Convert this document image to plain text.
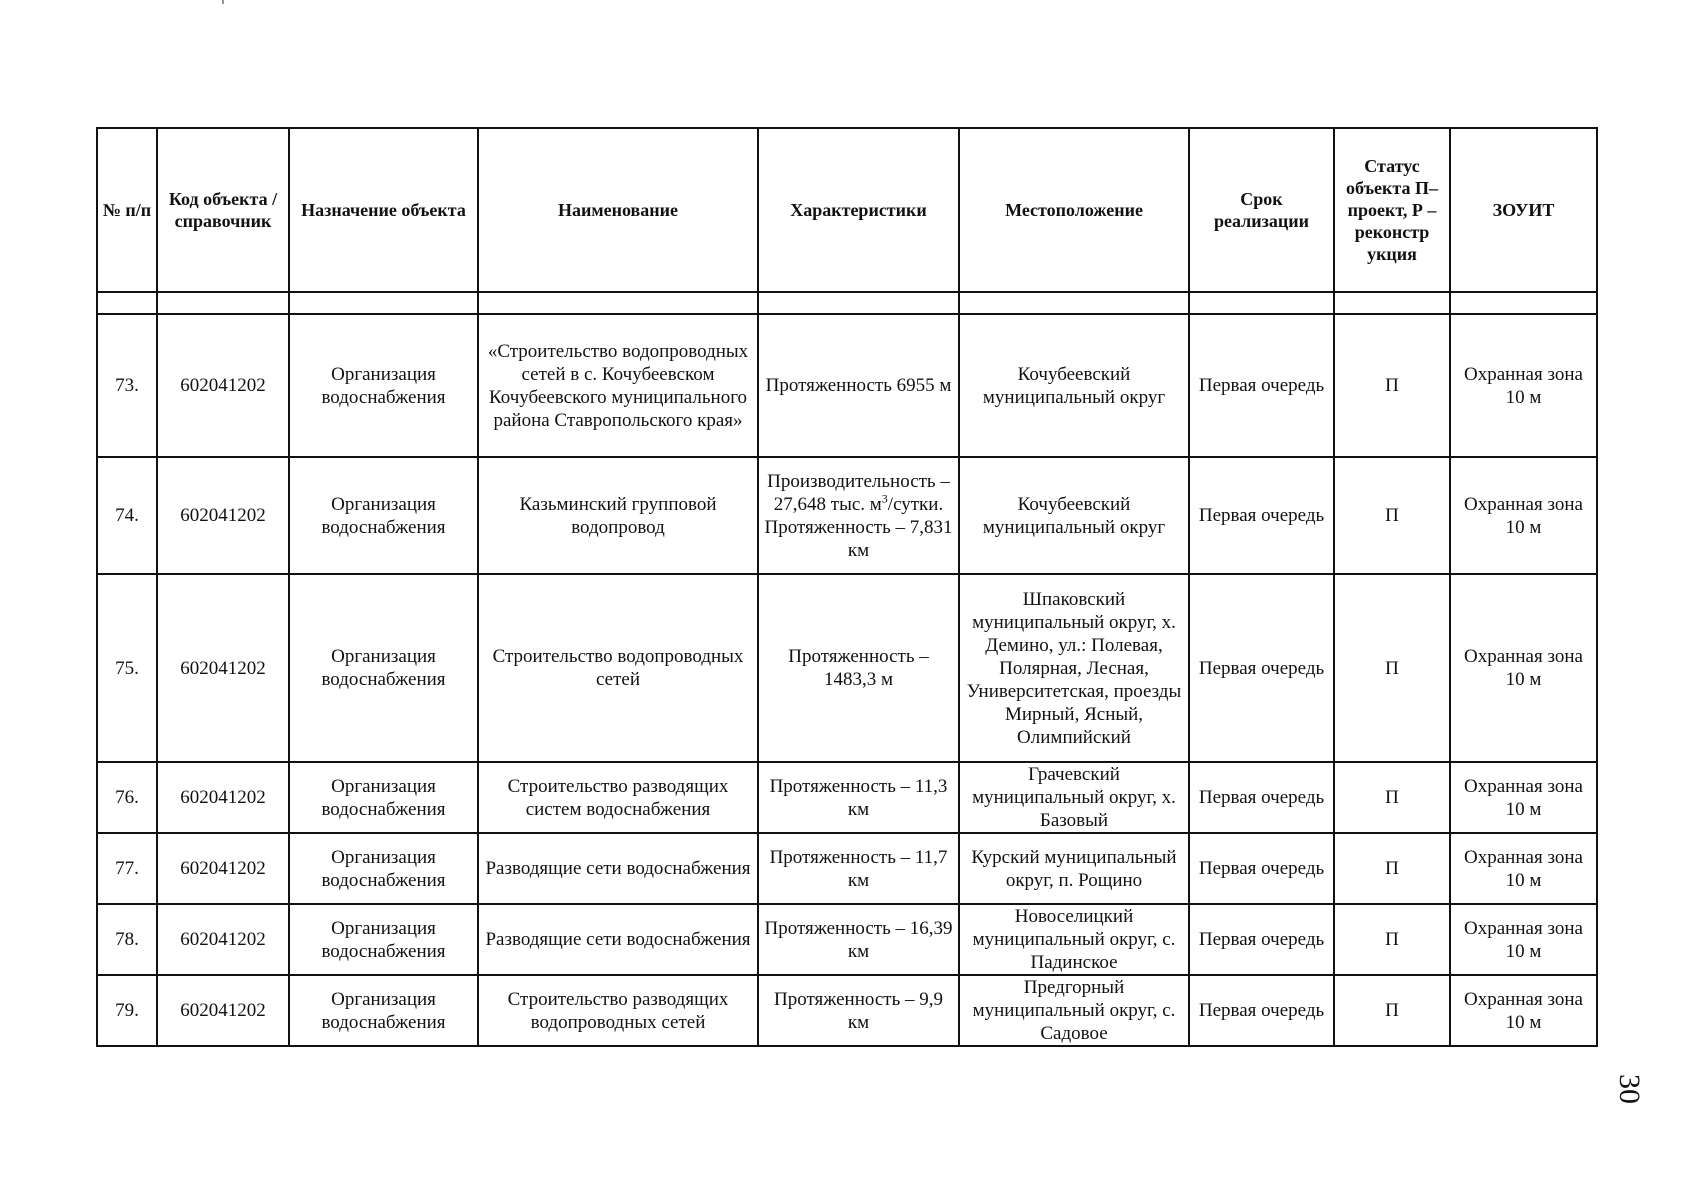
№ п/п	Код объекта / справочник	Назначение объекта	Наименование	Характеристики	Местоположение	Срок реализации	Статус объекта П– проект, Р – реконстр укция	ЗОУИТ

73.	602041202	Организация водоснабжения	«Строительство водопроводных сетей в с. Кочубеевском Кочубеевского муниципального района Ставропольского края»	Протяженность 6955 м	Кочубеевский муниципальный округ	Первая очередь	П	Охранная зона 10 м
74.	602041202	Организация водоснабжения	Казьминский групповой водопровод	Производительность – 27,648 тыс. $м^3$/сутки. Протяженность – 7,831 км	Кочубеевский муниципальный округ	Первая очередь	П	Охранная зона 10 м
75.	602041202	Организация водоснабжения	Строительство водопроводных сетей	Протяженность – 1483,3 м	Шпаковский муниципальный округ, х. Демино, ул.: Полевая, Полярная, Лесная, Университетская, проезды Мирный, Ясный, Олимпийский	Первая очередь	П	Охранная зона 10 м
76.	602041202	Организация водоснабжения	Строительство разводящих систем водоснабжения	Протяженность – 11,3 км	Грачевский муниципальный округ, х. Базовый	Первая очередь	П	Охранная зона 10 м
77.	602041202	Организация водоснабжения	Разводящие сети водоснабжения	Протяженность – 11,7 км	Курский муниципальный округ, п. Рощино	Первая очередь	П	Охранная зона 10 м
78.	602041202	Организация водоснабжения	Разводящие сети водоснабжения	Протяженность – 16,39 км	Новоселицкий муниципальный округ, с. Падинское	Первая очередь	П	Охранная зона 10 м
79.	602041202	Организация водоснабжения	Строительство разводящих водопроводных сетей	Протяженность – 9,9 км	Предгорный муниципальный округ, с. Садовое	Первая очередь	П	Охранная зона 10 м
30
